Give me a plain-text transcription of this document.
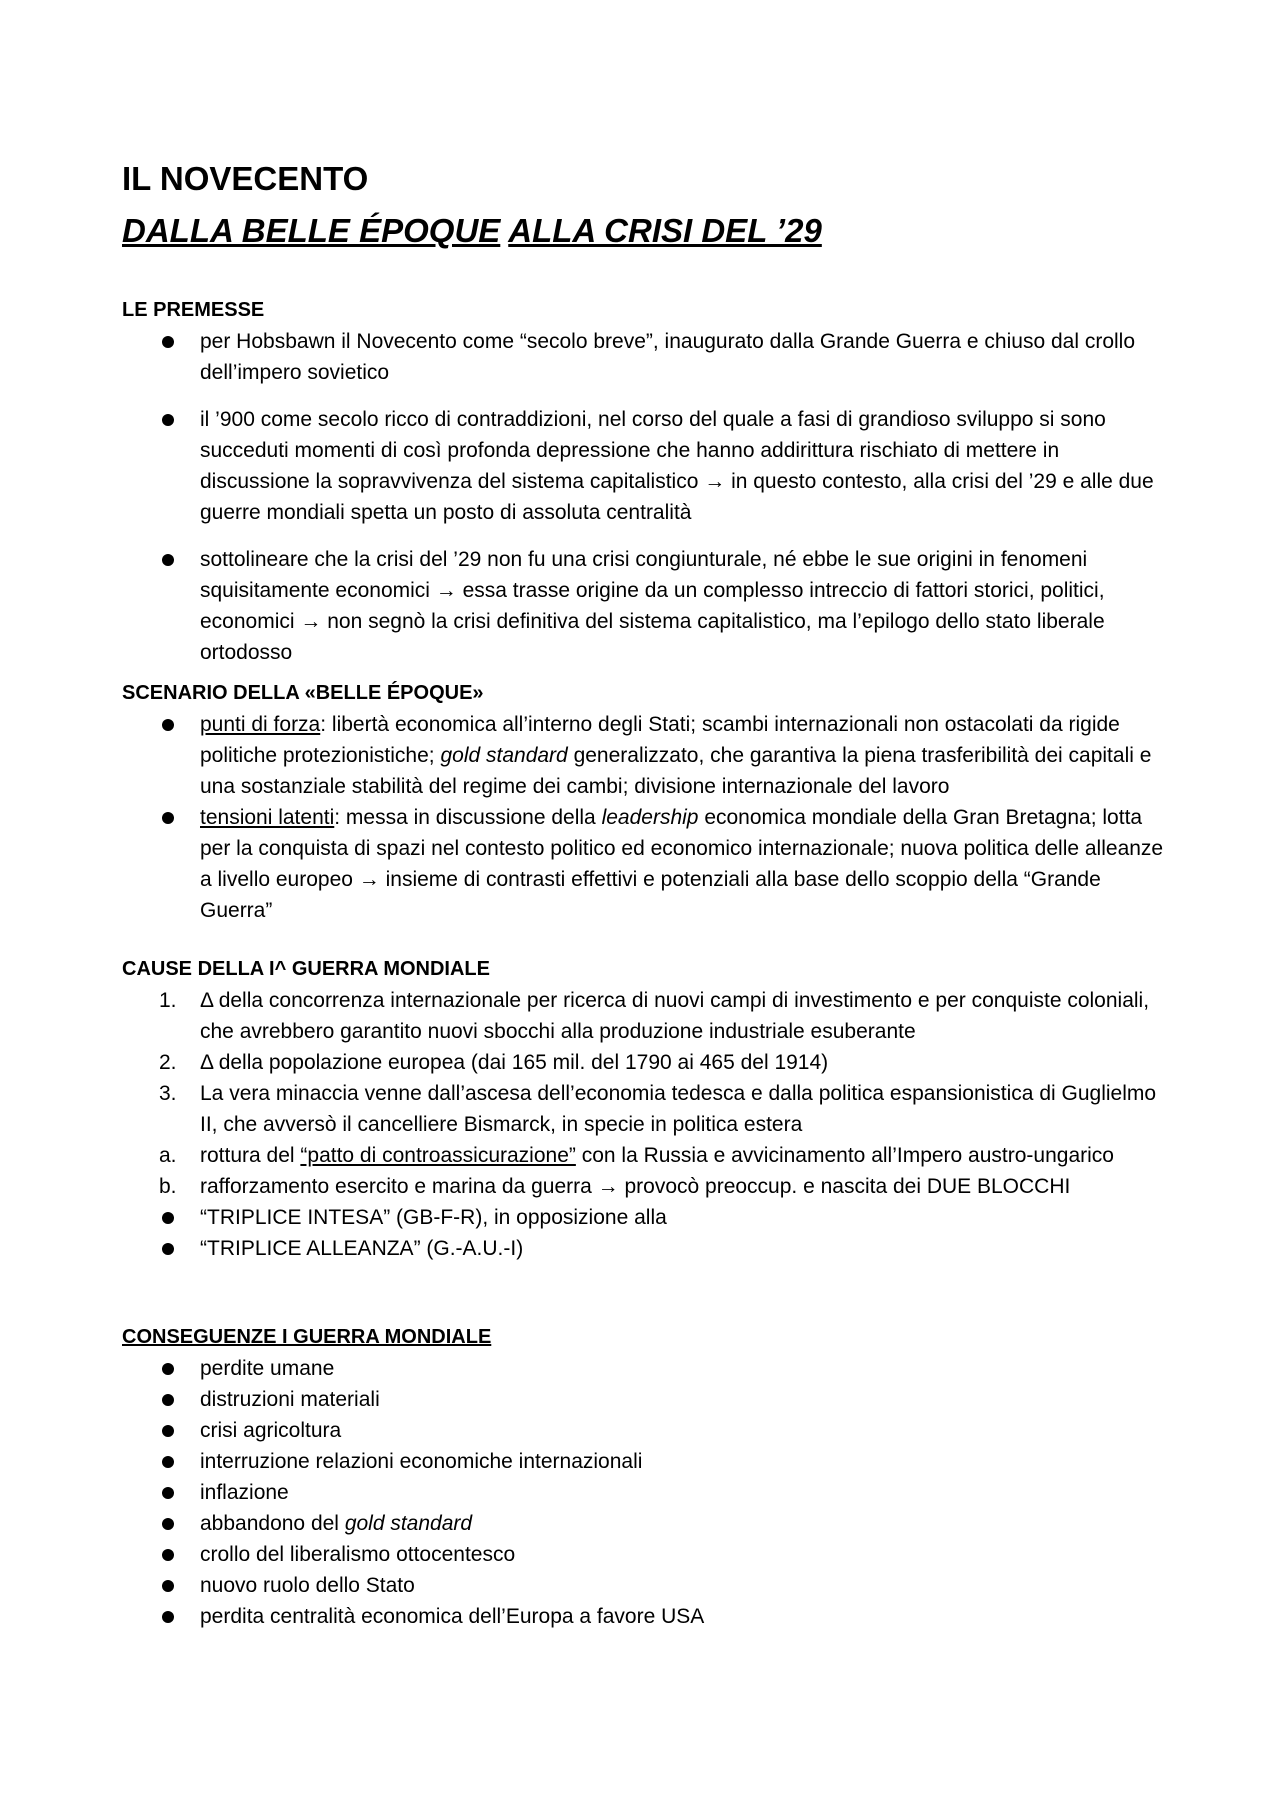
IL NOVECENTO
DALLA BELLE ÉPOQUE ALLA CRISI DEL ’29
LE PREMESSE
per Hobsbawn il Novecento come “secolo breve”, inaugurato dalla Grande Guerra e chiuso dal crollo dell’impero sovietico
il ’900 come secolo ricco di contraddizioni, nel corso del quale a fasi di grandioso sviluppo si sono succeduti momenti di così profonda depressione che hanno addirittura rischiato di mettere in discussione la sopravvivenza del sistema capitalistico → in questo contesto, alla crisi del ’29 e alle due guerre mondiali spetta un posto di assoluta centralità
sottolineare che la crisi del ’29 non fu una crisi congiunturale, né ebbe le sue origini in fenomeni squisitamente economici → essa trasse origine da un complesso intreccio di fattori storici, politici, economici → non segnò la crisi definitiva del sistema capitalistico, ma l’epilogo dello stato liberale ortodosso
SCENARIO DELLA «BELLE ÉPOQUE»
punti di forza: libertà economica all’interno degli Stati; scambi internazionali non ostacolati da rigide politiche protezionistiche; gold standard generalizzato, che garantiva la piena trasferibilità dei capitali e una sostanziale stabilità del regime dei cambi; divisione internazionale del lavoro
tensioni latenti: messa in discussione della leadership economica mondiale della Gran Bretagna; lotta per la conquista di spazi nel contesto politico ed economico internazionale; nuova politica delle alleanze a livello europeo → insieme di contrasti effettivi e potenziali alla base dello scoppio della “Grande Guerra”
CAUSE DELLA I^ GUERRA MONDIALE
1.	Δ della concorrenza internazionale per ricerca di nuovi campi di investimento e per conquiste coloniali, che avrebbero garantito nuovi sbocchi alla produzione industriale esuberante
2.	Δ della popolazione europea (dai 165 mil. del 1790 ai 465 del 1914)
3.	La vera minaccia venne dall’ascesa dell’economia tedesca e dalla politica espansionistica di Guglielmo II, che avversò il cancelliere Bismarck, in specie in politica estera
a.	rottura del “patto di controassicurazione” con la Russia e avvicinamento all’Impero austro-ungarico
b.	rafforzamento esercito e marina da guerra → provocò preoccup. e nascita dei DUE BLOCCHI
“TRIPLICE INTESA” (GB-F-R), in opposizione alla
“TRIPLICE ALLEANZA” (G.-A.U.-I)
CONSEGUENZE I GUERRA MONDIALE
perdite umane
distruzioni materiali
crisi agricoltura
interruzione relazioni economiche internazionali
inflazione
abbandono del gold standard
crollo del liberalismo ottocentesco
nuovo ruolo dello Stato
perdita centralità economica dell’Europa a favore USA
